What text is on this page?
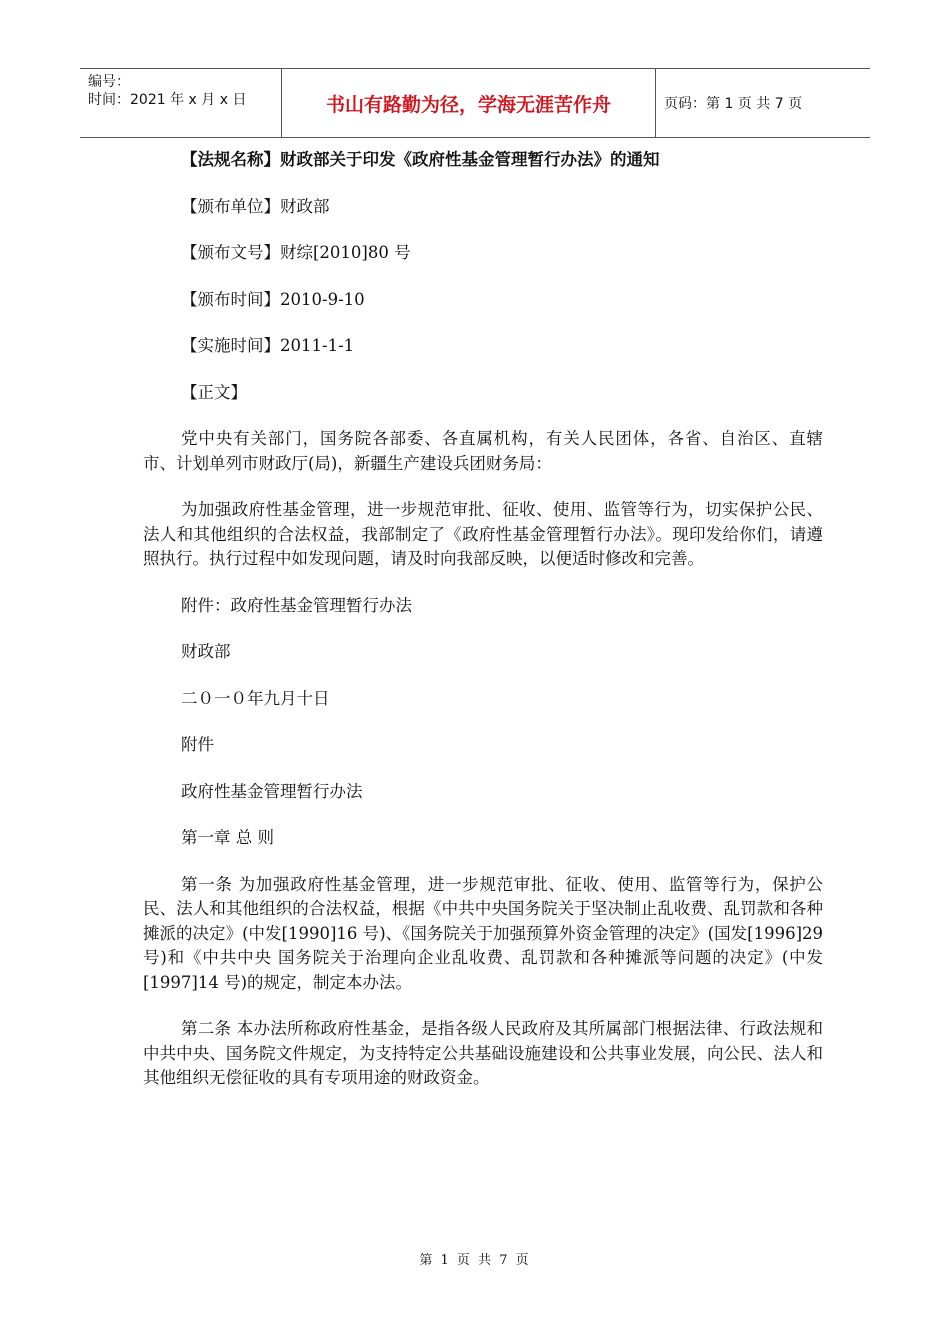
编号：
时间：2021 年 x 月 x 日	书山有路勤为径，学海无涯苦作舟	页码：第 1 页 共 7 页

【法规名称】财政部关于印发《政府性基金管理暂行办法》的通知

【颁布单位】财政部

【颁布文号】财综[2010]80 号

【颁布时间】2010-9-10

【实施时间】2011-1-1

【正文】

党中央有关部门，国务院各部委、各直属机构，有关人民团体，各省、自治区、直辖市、计划单列市财政厅(局)，新疆生产建设兵团财务局：

为加强政府性基金管理，进一步规范审批、征收、使用、监管等行为，切实保护公民、法人和其他组织的合法权益，我部制定了《政府性基金管理暂行办法》。现印发给你们，请遵照执行。执行过程中如发现问题，请及时向我部反映，以便适时修改和完善。

附件：政府性基金管理暂行办法

财政部

二０一０年九月十日

附件

政府性基金管理暂行办法

第一章 总 则

第一条 为加强政府性基金管理，进一步规范审批、征收、使用、监管等行为，保护公民、法人和其他组织的合法权益，根据《中共中央国务院关于坚决制止乱收费、乱罚款和各种摊派的决定》(中发[1990]16 号)、《国务院关于加强预算外资金管理的决定》(国发[1996]29 号)和《中共中央 国务院关于治理向企业乱收费、乱罚款和各种摊派等问题的决定》(中发[1997]14 号)的规定，制定本办法。

第二条 本办法所称政府性基金，是指各级人民政府及其所属部门根据法律、行政法规和中共中央、国务院文件规定，为支持特定公共基础设施建设和公共事业发展，向公民、法人和其他组织无偿征收的具有专项用途的财政资金。

第 1 页 共 7 页
